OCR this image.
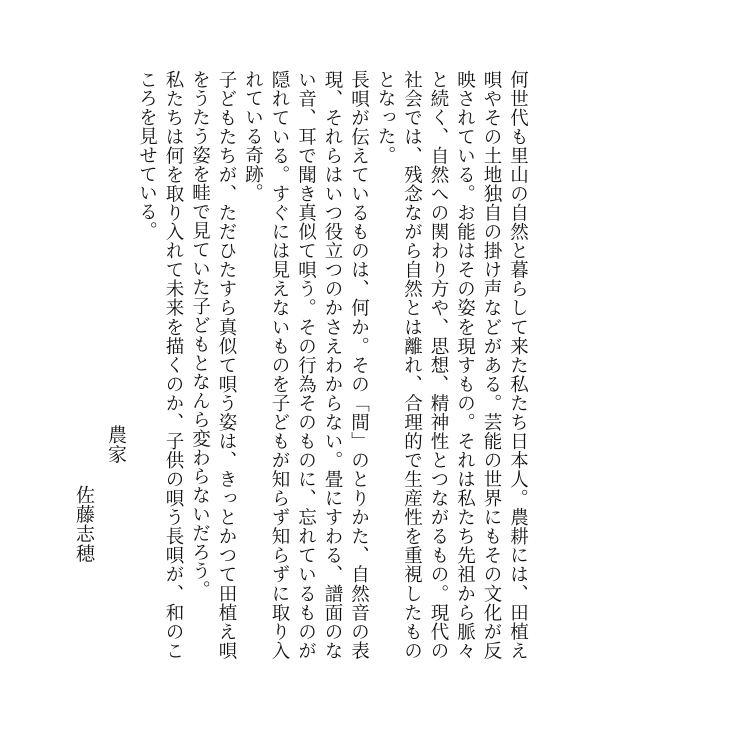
何世代も里山の自然と暮らして来た私たち日本人。農耕には、田植え唄やその土地独自の掛け声などがある。芸能の世界にもその文化が反映されている。お能はその姿を現すもの。それは私たち先祖から脈々と続く、自然への関わり方や、思想、精神性とつながるもの。現代の社会では、残念ながら自然とは離れ、合理的で生産性を重視したものとなった。

長唄が伝えているものは、何か。その「間」のとりかた、自然音の表現、それらはいつ役立つのかさえわからない。畳にすわる、譜面のない音、耳で聞き真似て唄う。その行為そのものに、忘れているものが隠れている。すぐには見えないものを子どもが知らず知らずに取り入れている奇跡。

子どもたちが、ただひたすら真似て唄う姿は、きっとかつて田植え唄をうたう姿を畦で見ていた子どもとなんら変わらないだろう。

私たちは何を取り入れて未来を描くのか、子供の唄う長唄が、和のこころを見せている。

農家
佐藤志穂
